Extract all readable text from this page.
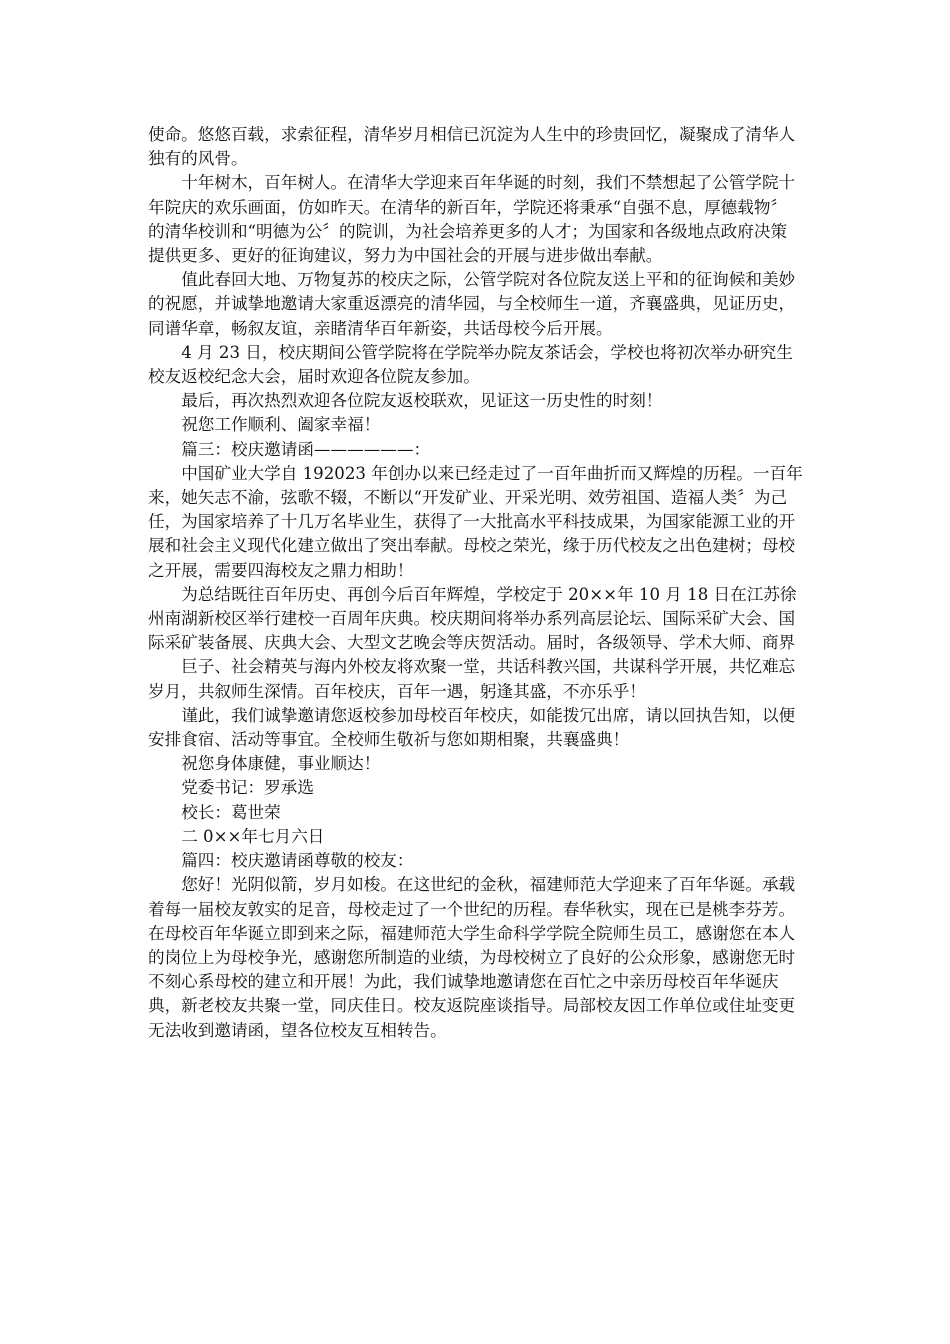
使命。悠悠百载，求索征程，清华岁月相信已沉淀为人生中的珍贵回忆，凝聚成了清华人独有的风骨。

十年树木，百年树人。在清华大学迎来百年华诞的时刻，我们不禁想起了公管学院十年院庆的欢乐画面，仿如昨天。在清华的新百年，学院还将秉承“自强不息，厚德载物〞的清华校训和“明德为公〞的院训，为社会培养更多的人才；为国家和各级地点政府决策提供更多、更好的征询建议，努力为中国社会的开展与进步做出奉献。

值此春回大地、万物复苏的校庆之际，公管学院对各位院友送上平和的征询候和美妙的祝愿，并诚挚地邀请大家重返漂亮的清华园，与全校师生一道，齐襄盛典，见证历史，同谱华章，畅叙友谊，亲睹清华百年新姿，共话母校今后开展。

4 月 23 日，校庆期间公管学院将在学院举办院友茶话会，学校也将初次举办研究生校友返校纪念大会，届时欢迎各位院友参加。

最后，再次热烈欢迎各位院友返校联欢，见证这一历史性的时刻！

祝您工作顺利、阖家幸福！

篇三：校庆邀请函——————：

中国矿业大学自 192023 年创办以来已经走过了一百年曲折而又辉煌的历程。一百年来，她矢志不渝，弦歌不辍，不断以“开发矿业、开采光明、效劳祖国、造福人类〞为己任，为国家培养了十几万名毕业生，获得了一大批高水平科技成果，为国家能源工业的开展和社会主义现代化建立做出了突出奉献。母校之荣光，缘于历代校友之出色建树；母校之开展，需要四海校友之鼎力相助！

为总结既往百年历史、再创今后百年辉煌，学校定于 20××年 10 月 18 日在江苏徐州南湖新校区举行建校一百周年庆典。校庆期间将举办系列高层论坛、国际采矿大会、国际采矿装备展、庆典大会、大型文艺晚会等庆贺活动。届时，各级领导、学术大师、商界

巨子、社会精英与海内外校友将欢聚一堂，共话科教兴国，共谋科学开展，共忆难忘岁月，共叙师生深情。百年校庆，百年一遇，躬逢其盛，不亦乐乎！

谨此，我们诚挚邀请您返校参加母校百年校庆，如能拨冗出席，请以回执告知，以便安排食宿、活动等事宜。全校师生敬祈与您如期相聚，共襄盛典！

祝您身体康健，事业顺达！

党委书记：罗承选

校长：葛世荣

二 0××年七月六日

篇四：校庆邀请函尊敬的校友：

您好！光阴似箭，岁月如梭。在这世纪的金秋，福建师范大学迎来了百年华诞。承载着每一届校友敦实的足音，母校走过了一个世纪的历程。春华秋实，现在已是桃李芬芳。在母校百年华诞立即到来之际，福建师范大学生命科学学院全院师生员工，感谢您在本人的岗位上为母校争光，感谢您所制造的业绩，为母校树立了良好的公众形象，感谢您无时不刻心系母校的建立和开展！为此，我们诚挚地邀请您在百忙之中亲历母校百年华诞庆典，新老校友共聚一堂，同庆佳日。校友返院座谈指导。局部校友因工作单位或住址变更无法收到邀请函，望各位校友互相转告。
